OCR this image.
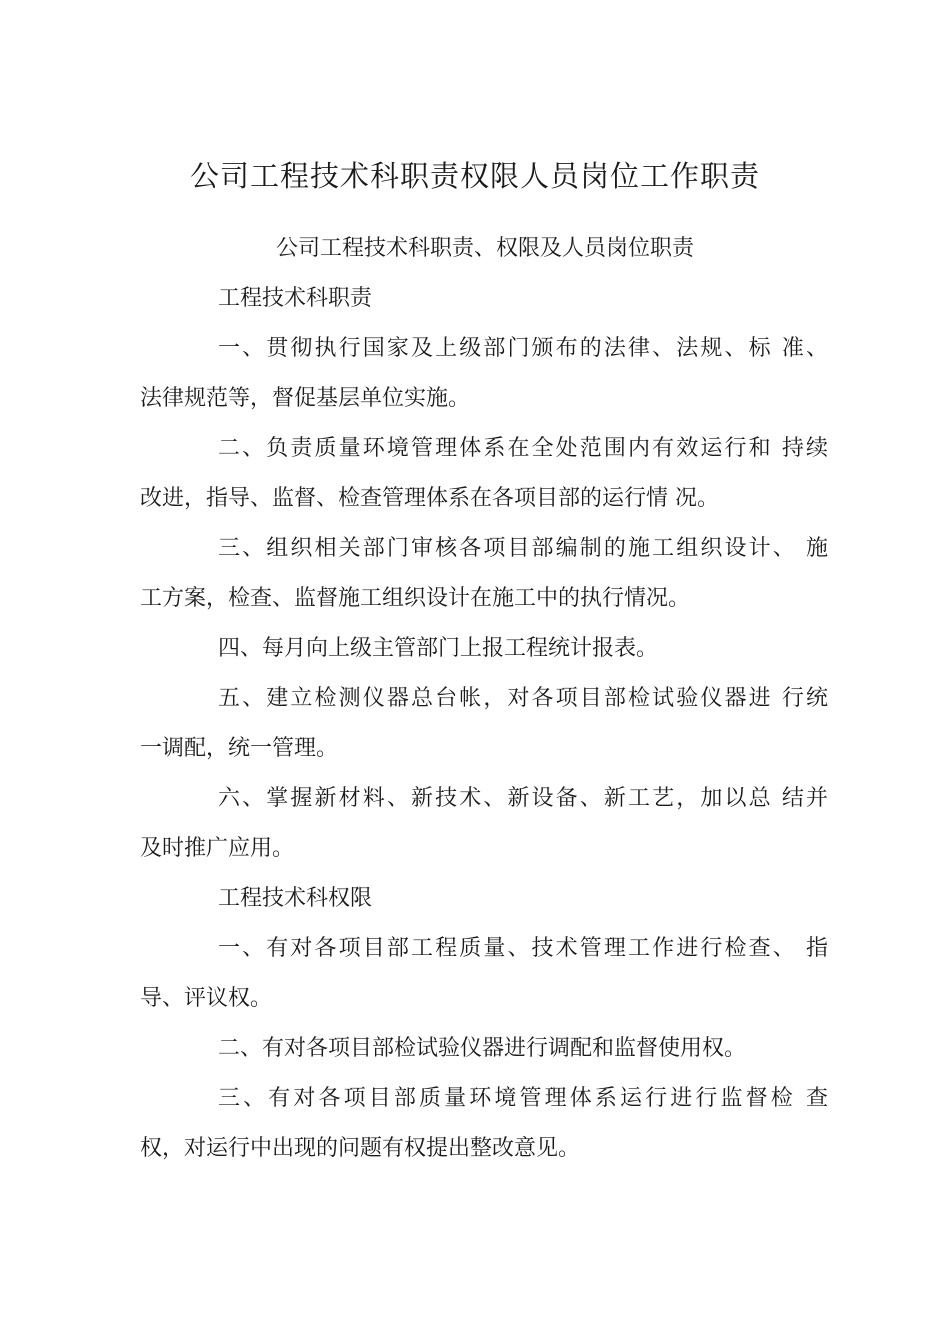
公司工程技术科职责权限人员岗位工作职责
公司工程技术科职责、权限及人员岗位职责
工程技术科职责
一、贯彻执行国家及上级部门颁布的法律、法规、标 准、
法律规范等，督促基层单位实施。
二、负责质量环境管理体系在全处范围内有效运行和 持续
改进，指导、监督、检查管理体系在各项目部的运行情 况。
三、组织相关部门审核各项目部编制的施工组织设计、 施
工方案，检查、监督施工组织设计在施工中的执行情况。
四、每月向上级主管部门上报工程统计报表。
五、建立检测仪器总台帐，对各项目部检试验仪器进 行统
一调配，统一管理。
六、掌握新材料、新技术、新设备、新工艺，加以总 结并
及时推广应用。
工程技术科权限
一、有对各项目部工程质量、技术管理工作进行检查、 指
导、评议权。
二、有对各项目部检试验仪器进行调配和监督使用权。
三、有对各项目部质量环境管理体系运行进行监督检 查
权，对运行中出现的问题有权提出整改意见。
